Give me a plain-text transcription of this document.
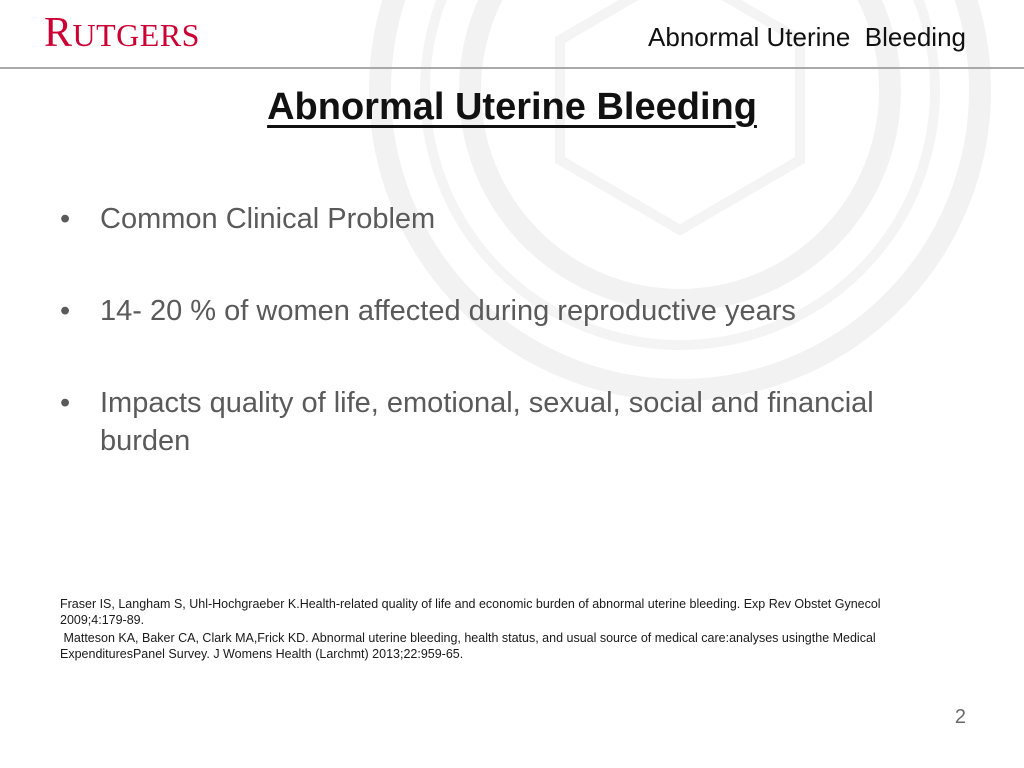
RUTGERS	Abnormal Uterine  Bleeding
Abnormal Uterine Bleeding
• Common Clinical Problem
• 14- 20 % of women affected during reproductive years
• Impacts quality of life, emotional, sexual, social and financial burden

Fraser IS, Langham S, Uhl-Hochgraeber K.Health-related quality of life and economic burden of abnormal uterine bleeding. Exp Rev Obstet Gynecol 2009;4:179-89.

Matteson KA, Baker CA, Clark MA,Frick KD. Abnormal uterine bleeding, health status, and usual source of medical care:analyses usingthe Medical ExpendituresPanel Survey. J Womens Health (Larchmt) 2013;22:959-65.

2
